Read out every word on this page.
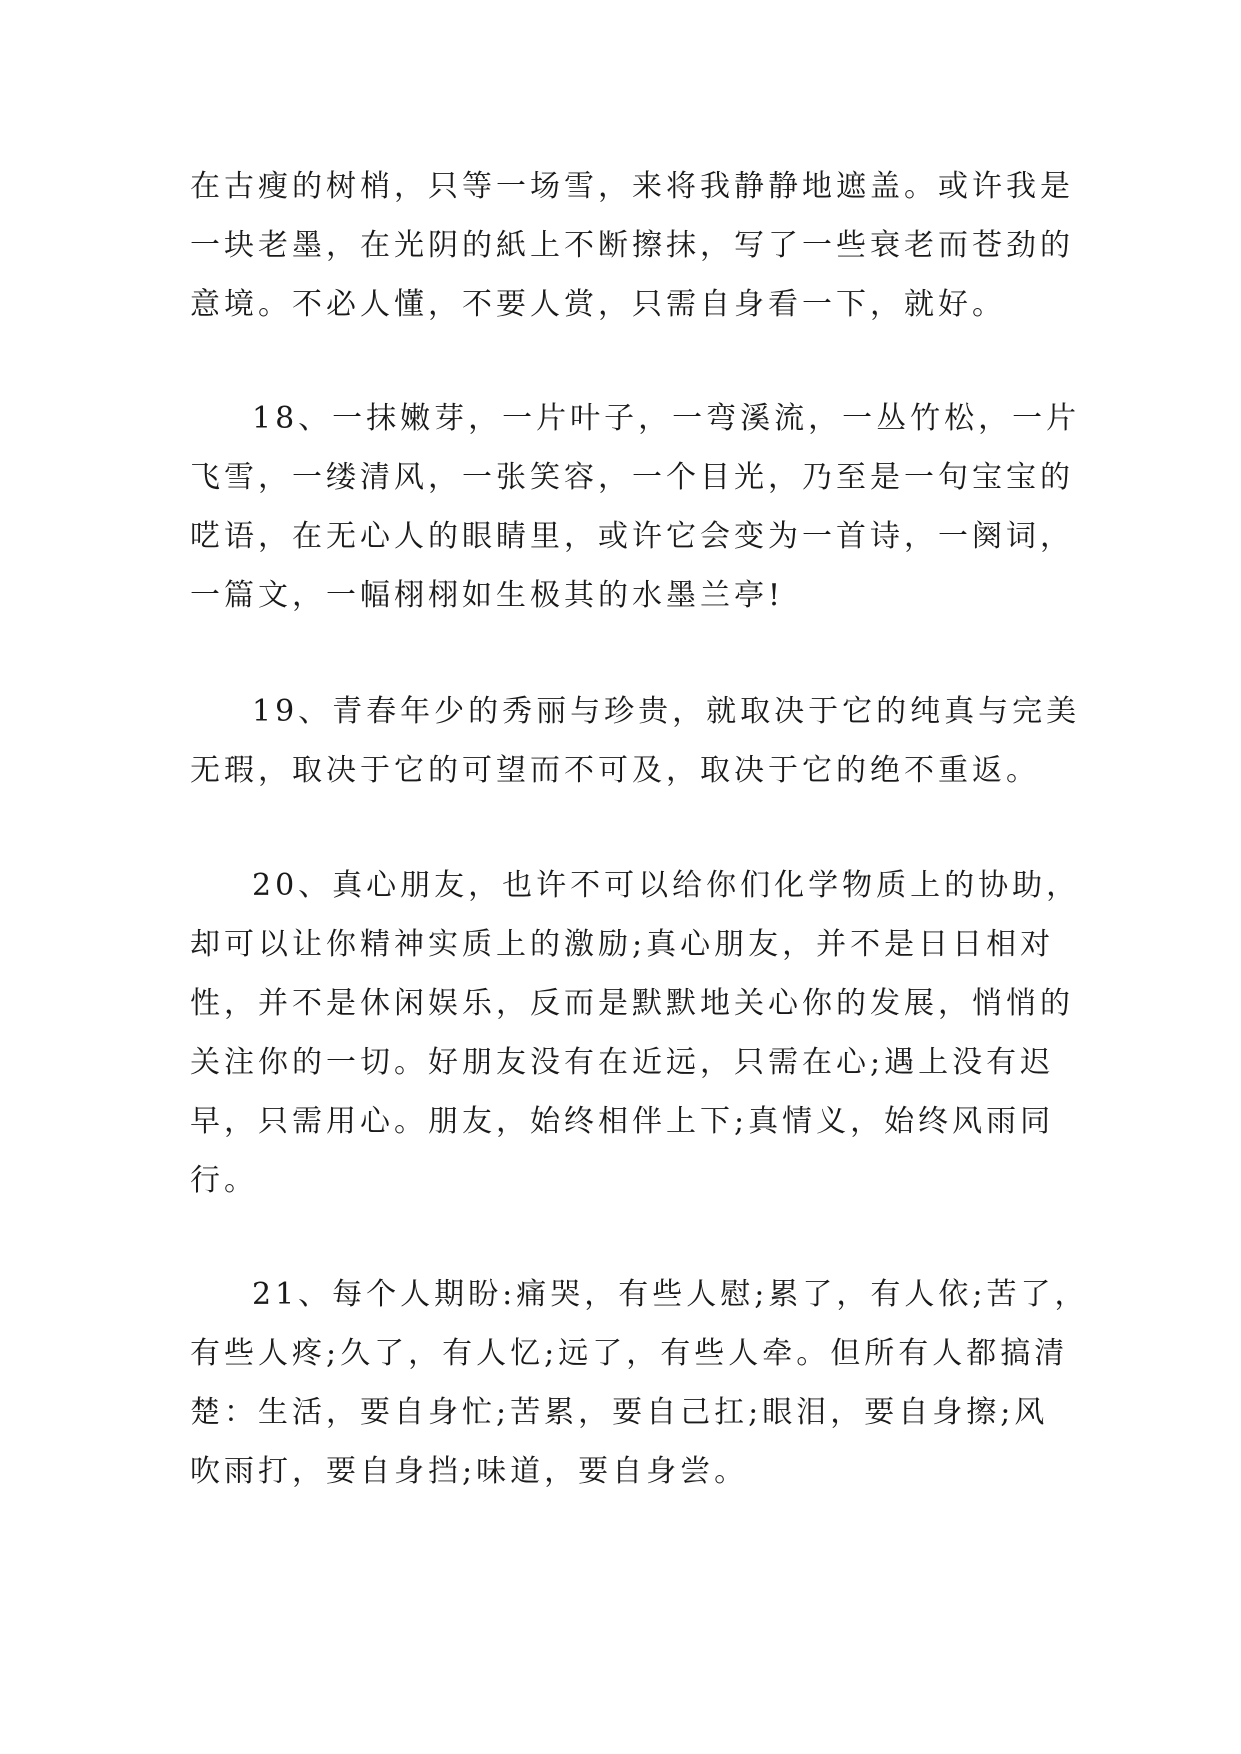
在古瘦的树梢，只等一场雪，来将我静静地遮盖。或许我是
一块老墨，在光阴的紙上不断擦抹，写了一些衰老而苍劲的
意境。不必人懂，不要人赏，只需自身看一下，就好。
18、一抹嫩芽，一片叶子，一弯溪流，一丛竹松，一片
飞雪，一缕清风，一张笑容，一个目光，乃至是一句宝宝的
呓语，在无心人的眼睛里，或许它会变为一首诗，一阕词，
一篇文，一幅栩栩如生极其的水墨兰亭!
19、青春年少的秀丽与珍贵，就取决于它的纯真与完美
无瑕，取决于它的可望而不可及，取决于它的绝不重返。
20、真心朋友，也许不可以给你们化学物质上的协助，
却可以让你精神实质上的激励;真心朋友，并不是日日相对
性，并不是休闲娱乐，反而是默默地关心你的发展，悄悄的
关注你的一切。好朋友没有在近远，只需在心;遇上没有迟
早，只需用心。朋友，始终相伴上下;真情义，始终风雨同
行。
21、每个人期盼:痛哭，有些人慰;累了，有人依;苦了，
有些人疼;久了，有人忆;远了，有些人牵。但所有人都搞清
楚：生活，要自身忙;苦累，要自己扛;眼泪，要自身擦;风
吹雨打，要自身挡;味道，要自身尝。
